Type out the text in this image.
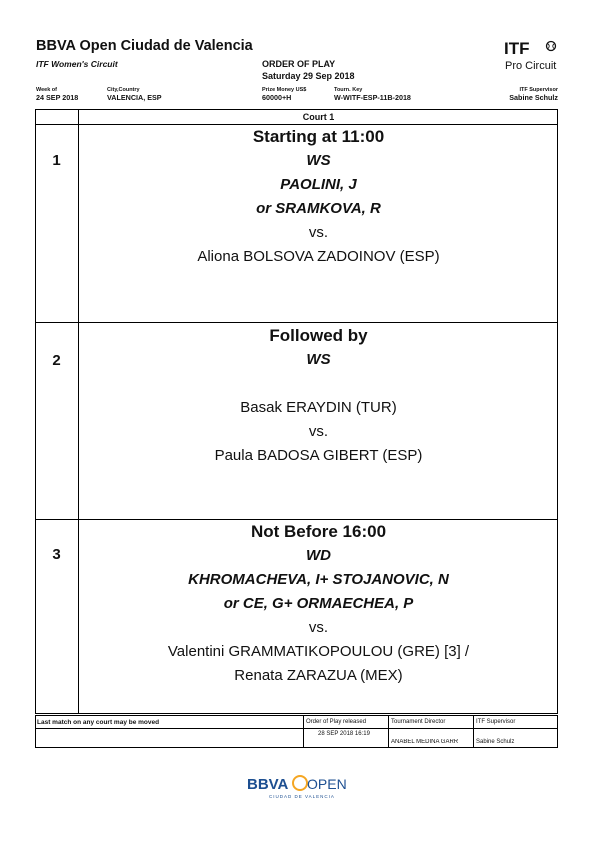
BBVA Open Ciudad de Valencia
ITF Women's Circuit	ORDER OF PLAY
Saturday 29 Sep 2018
ITF
Pro Circuit
Week of
24 SEP 2018
City,Country
VALENCIA, ESP
Prize Money US$
60000+H
Tourn. Key
W-WITF-ESP-11B-2018
ITF Supervisor
Sabine Schulz
Court 1
1
Starting at 11:00
WS
PAOLINI, J
or SRAMKOVA, R
vs.
Aliona BOLSOVA ZADOINOV (ESP)
2
Followed by
WS
Basak ERAYDIN (TUR)
vs.
Paula BADOSA GIBERT (ESP)
3
Not Before 16:00
WD
KHROMACHEVA, I+ STOJANOVIC, N
or CE, G+ ORMAECHEA, P
vs.
Valentini GRAMMATIKOPOULOU (GRE) [3] /
Renata ZARAZUA (MEX)
Last match on any court may be moved	Order of Play released
28 SEP 2018 16:19
Tournament Director
ANABEL MEDINA GARR
ITF Supervisor
Sabine Schulz
BBVA OPEN
CIUDAD DE VALENCIA
